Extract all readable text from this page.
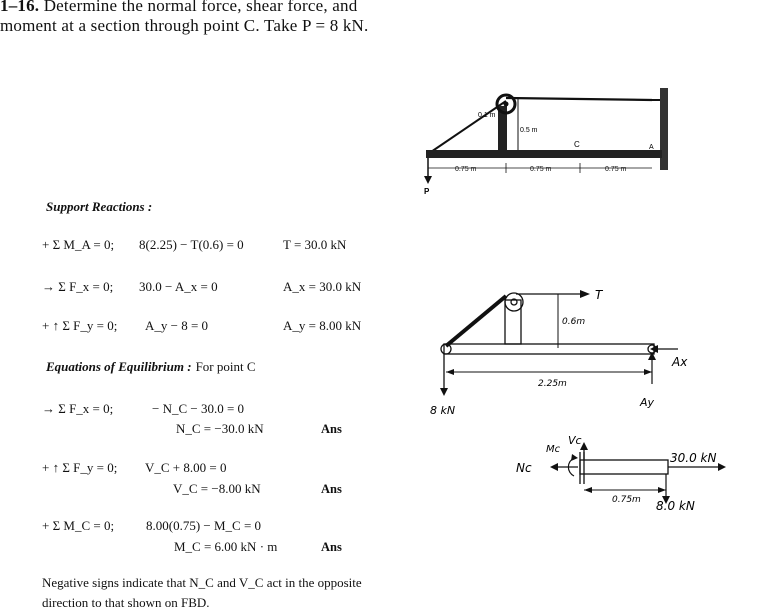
1–16. Determine the normal force, shear force, and
moment at a section through point C. Take P = 8 kN.
Support Reactions :
+ Σ M_A = 0; 8(2.25) − T(0.6) = 0	T = 30.0 kN
→ Σ F_x = 0; 30.0 − A_x = 0	A_x = 30.0 kN
+ ↑ Σ F_y = 0; A_y − 8 = 0	A_y = 8.00 kN
Equations of Equilibrium : For point C
→ Σ F_x = 0;	− N_C − 30.0 = 0
N_C = −30.0 kN	Ans
+ ↑ Σ F_y = 0; V_C + 8.00 = 0
V_C = −8.00 kN	Ans
+ Σ M_C = 0; 8.00(0.75) − M_C = 0
M_C = 6.00 kN · m	Ans
Negative signs indicate that N_C and V_C act in the opposite
direction to that shown on FBD.
0.1 m
0.5 m
C	A
P
0.75 m	0.75 m	0.75 m
T
0.6m
2.25m
8 kN
Ax
Ay
Nc
Mc
Vc
0.75m
30.0 kN
8.0 kN
